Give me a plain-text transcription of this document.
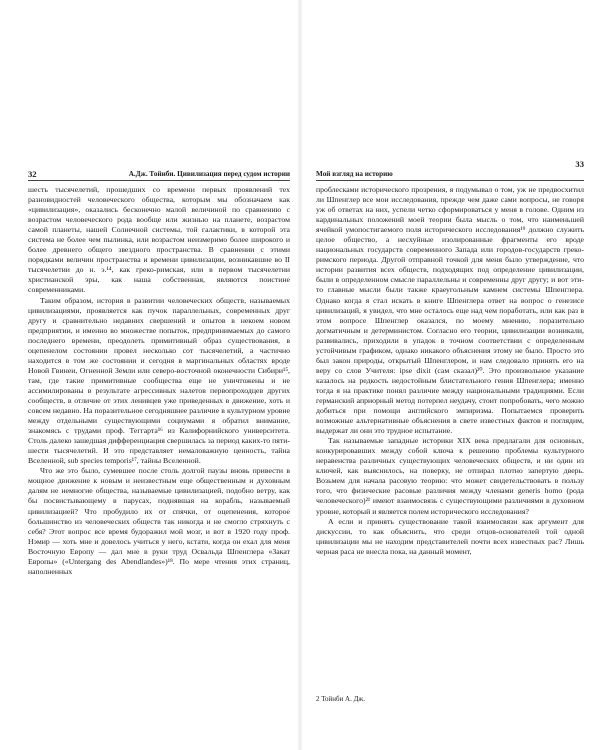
32	А.Дж. Тойнби. Цивилизация перед судом истории

шесть тысячелетий, прошедших со времени первых проявлений тех разновидностей человеческого общества, которым мы обозначаем как «цивилизация», оказались бесконечно малой величиной по сравнению с возрастом человеческого рода вообще или жизнью на планете, возрастом самой планеты, нашей Солнечной системы, той галактики, в которой эта система не более чем пылинка, или возрастом неизмеримо более широкого и более древнего общего звездного пространства. В сравнении с этими порядками величин пространства и времени цивилизации, возникавшие во II тысячелетии до н. э.¹⁴, как греко-римская, или в первом тысячелетии христианской эры, как наша собственная, являются поистине современниками.

Таким образом, история в развитии человеческих обществ, называемых цивилизациями, проявляется как пучок параллельных, современных друг другу и сравнительно недавних свершений и опытов в некоем новом предприятии, и именно во множестве попыток, предпринимаемых до самого последнего времени, преодолеть примитивный образ существования, в оцепенелом состоянии провел несколько сот тысячелетий, а частично находится в том же состоянии и сегодня в маргинальных областях вроде Новой Гвинеи, Огненной Земли или северо-восточной оконечности Сибири¹⁵, там, где такие примитивные сообщества еще не уничтожены и не ассимилированы в результате агрессивных налетов первопроходцев других сообществ, в отличие от этих ленивцев уже приведенных в движение, хоть и совсем недавно. На поразительное сегодняшнее различие в культурном уровне между отдельными существующими социумами я обратил внимание, знакомясь с трудами проф. Теггарта¹⁶ из Калифорнийского университета. Столь далеко зашедшая дифференциация свершилась за период каких-то пяти-шести тысячелетий. И это представляет немаловажную ценность, тайна Вселенной, sub species temporis¹⁷, тайны Вселенной.

Что же это было, сумевшее после столь долгой паузы вновь привести в мощное движение к новым и неизвестным еще общественным и духовным далям не немногие общества, называемые цивилизацией, подобно ветру, как бы посвистывающему в парусах, поднявшая на корабль, называемый цивилизацией? Что пробудило их от спячки, от оцепенения, которое большинство из человеческих обществ так никогда и не смогло стряхнуть с себя? Этот вопрос все время будоражил мой мозг, и вот в 1920 году проф. Нэмир — хоть мне и довелось учиться у него, кстати, когда он ехал для меня Восточную Европу — дал мне в руки труд Освальда Шпенглера «Закат Европы» («Untergang des Abendlandes»)¹⁸. По мере чтения этих страниц, наполненных

Мой взгляд на историю
33

проблесками исторического прозрения, я подумывал о том, уж не предвосхитил ли Шпенглер все мои исследования, прежде чем даже сами вопросы, не говоря уж об ответах на них, успели четко сформироваться у меня в голове. Одним из кардинальных положений моей теории была мысль о том, что наименьшей ячейкой умопостигаемого поля исторического исследования¹⁹ должно служить целое общество, а несхуйные изолированные фрагменты его вроде национальных государств современного Запада или городов-государств греко-римского периода. Другой отправной точкой для меня было утверждение, что истории развития всех обществ, подходящих под определение цивилизации, были в определенном смысле параллельны и современны друг другу; и вот эти-то главные мысли были также краеугольным камнем системы Шпенглера. Однако когда я стал искать в книге Шпенглера ответ на вопрос о генезисе цивилизаций, я увидел, что мне осталось еще над чем поработать, или как раз в этом вопросе Шпенглер оказался, по моему мнению, поразительно догматичным и детерминистом. Согласно его теории, цивилизации возникали, развивались, приходили в упадок в точном соответствии с определенным устойчивым графиком, однако никакого объяснения этому не было. Просто это был закон природы, открытый Шпенглером, и нам следовало принять его на веру со слов Учителя: ipse dixit (сам сказал)²⁰. Это произвольное указание казалось на редкость недостойным блистательного гения Шпенглера; именно тогда я на практике понял различие между национальными традициями. Если германский априорный метод потерпел неудачу, стоит попробовать, чего можно добиться при помощи английского эмпиризма. Попытаемся проверить возможные альтернативные объяснения в свете известных фактов и поглядим, выдержат ли они это трудное испытание.

Так называемые западные историки XIX века предлагали для основных, конкурировавших между собой ключа к решению проблемы культурного неравенства различных существующих человеческих обществ, и ни один из ключей, как выяснилось, на поверку, не отпирал плотно запертую дверь. Возьмем для начала расовую теорию: что может свидетельствовать в пользу того, что физические расовые различия между членами generis homo (рода человеческого)²¹ имеют взаимосвязь с существующими различиями в духовном уровне, который и является полем исторического исследования?

А если и принять существование такой взаимосвязи как аргумент для дискуссии, то как объяснить, что среди отцов-основателей той одной цивилизации мы не находим представителей почти всех известных рас? Лишь черная раса не внесла пока, на данный момент,

2 Тойнби А. Дж.
